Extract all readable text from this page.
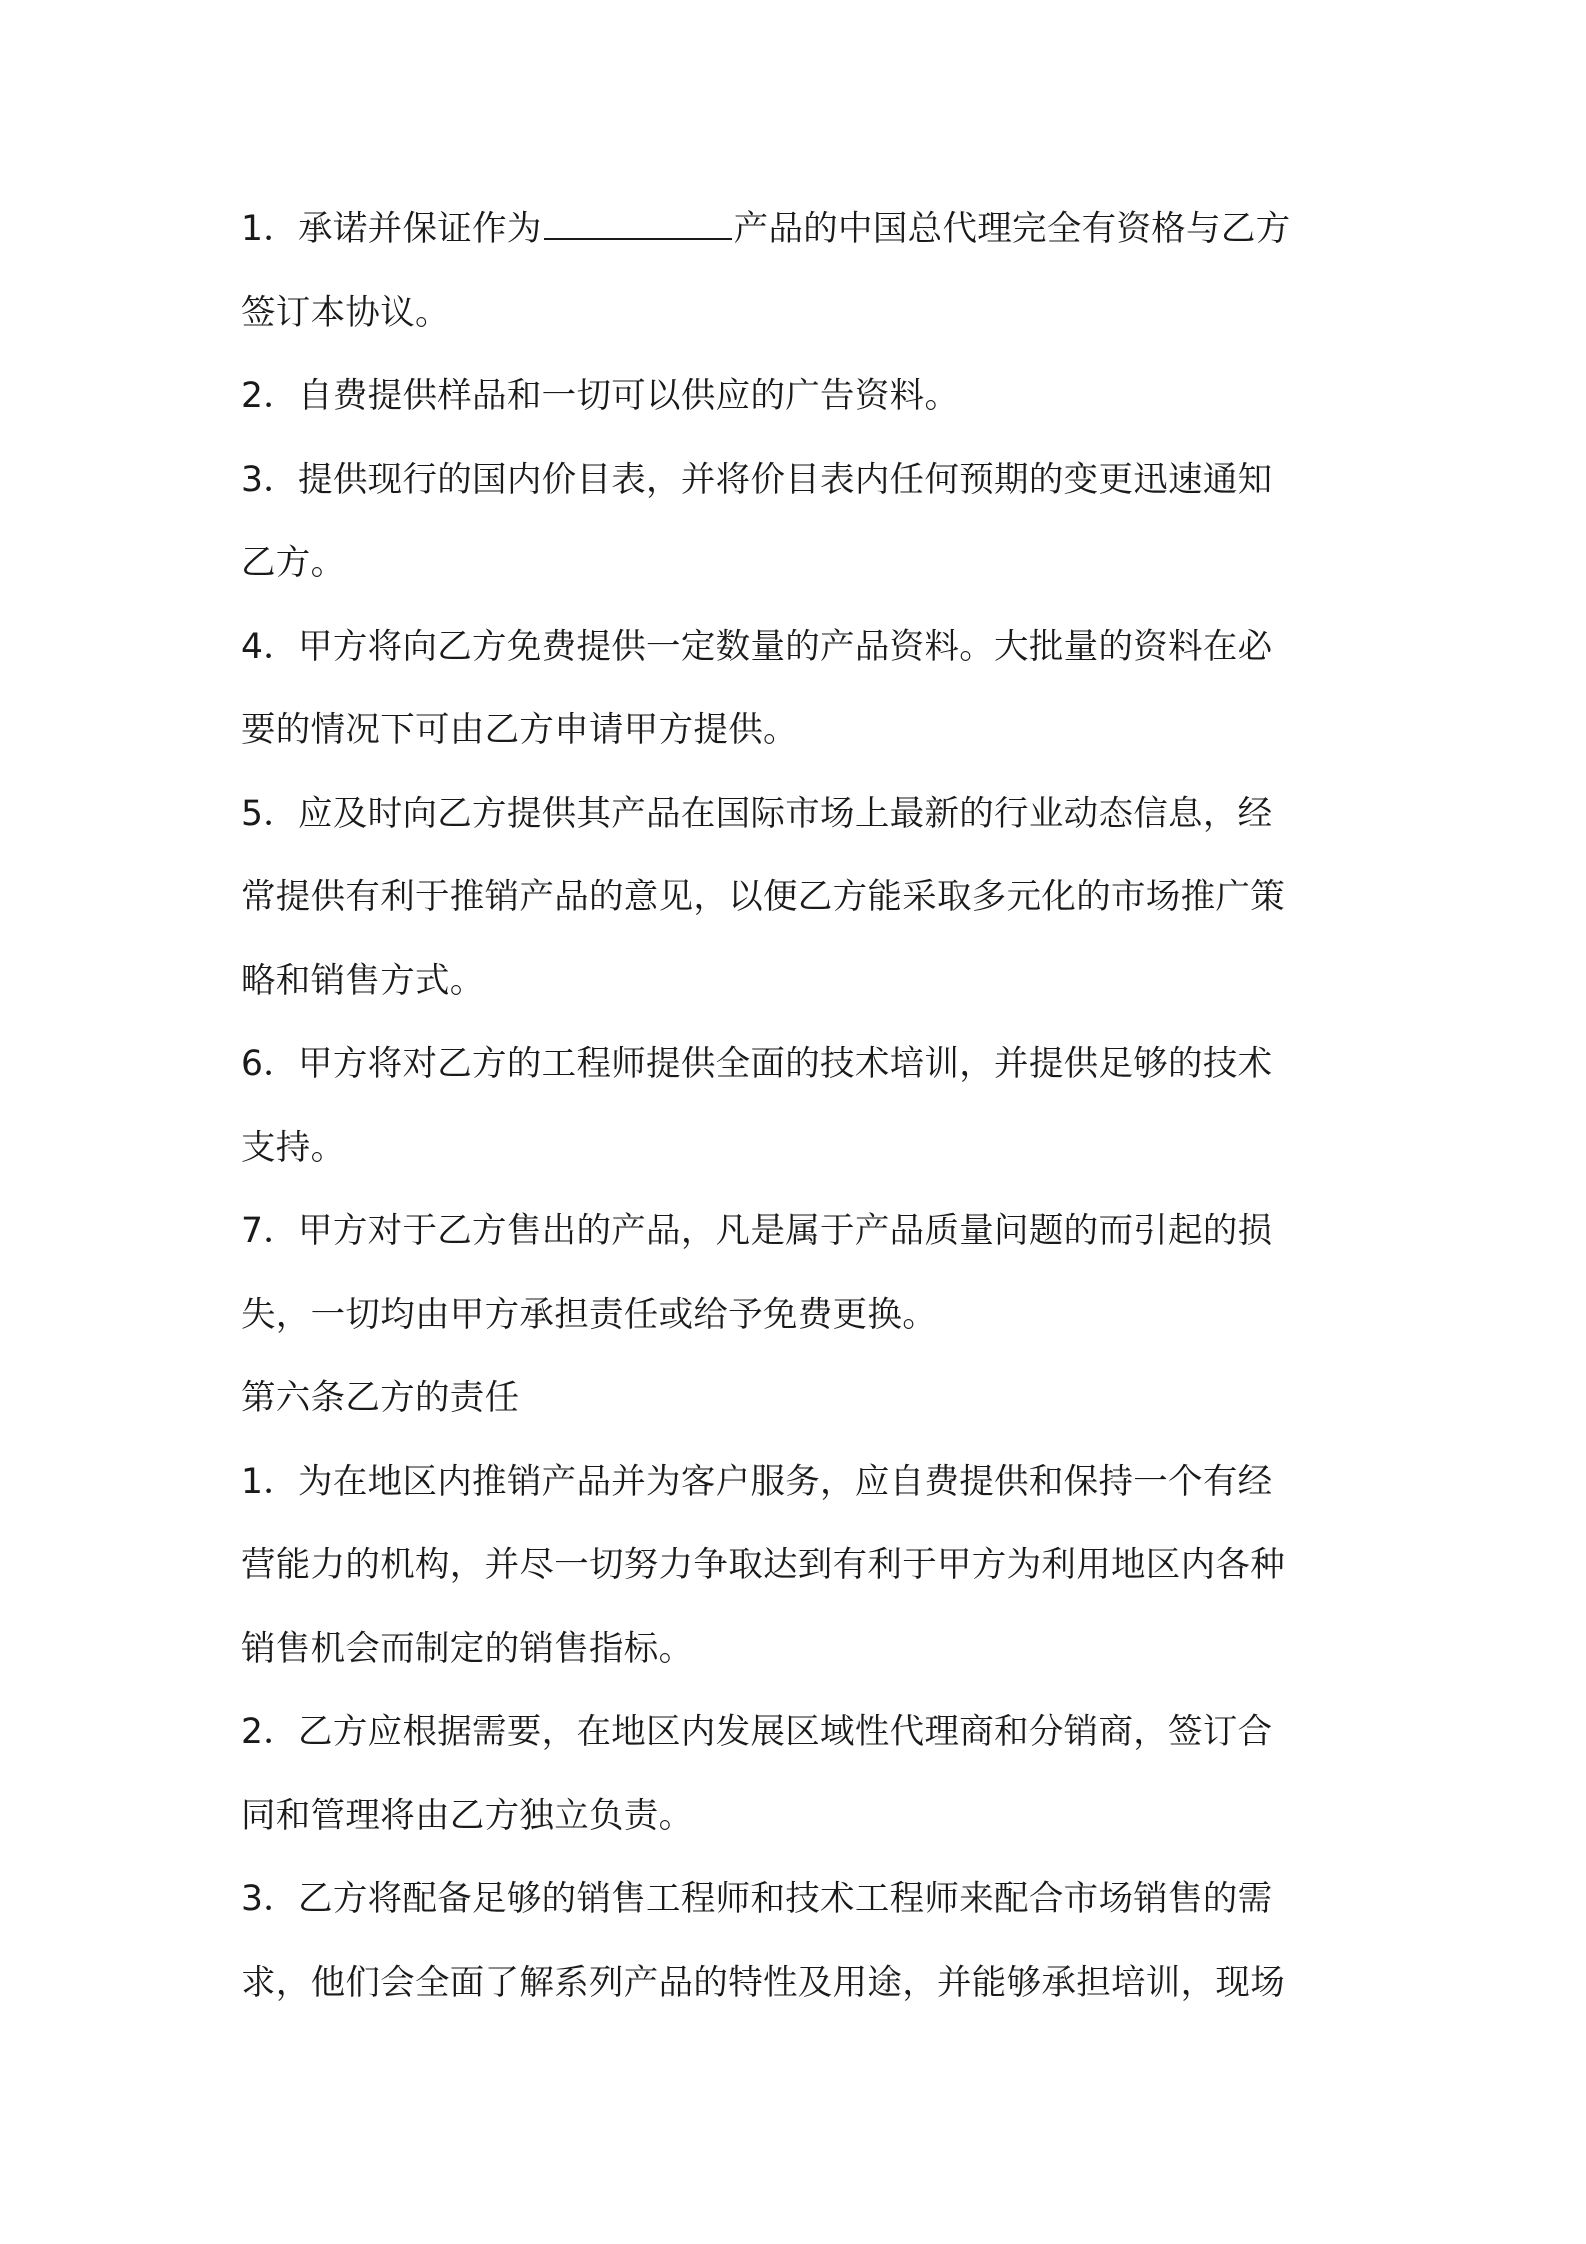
1．承诺并保证作为	产品的中国总代理完全有资格与乙方
签订本协议。
2．自费提供样品和一切可以供应的广告资料。
3．提供现行的国内价目表，并将价目表内任何预期的变更迅速通知
乙方。
4．甲方将向乙方免费提供一定数量的产品资料。大批量的资料在必
要的情况下可由乙方申请甲方提供。
5．应及时向乙方提供其产品在国际市场上最新的行业动态信息，经
常提供有利于推销产品的意见，以便乙方能采取多元化的市场推广策
略和销售方式。
6．甲方将对乙方的工程师提供全面的技术培训，并提供足够的技术
支持。
7．甲方对于乙方售出的产品，凡是属于产品质量问题的而引起的损
失，一切均由甲方承担责任或给予免费更换。
第六条乙方的责任
1．为在地区内推销产品并为客户服务，应自费提供和保持一个有经
营能力的机构，并尽一切努力争取达到有利于甲方为利用地区内各种
销售机会而制定的销售指标。
2．乙方应根据需要，在地区内发展区域性代理商和分销商，签订合
同和管理将由乙方独立负责。
3．乙方将配备足够的销售工程师和技术工程师来配合市场销售的需
求，他们会全面了解系列产品的特性及用途，并能够承担培训，现场
